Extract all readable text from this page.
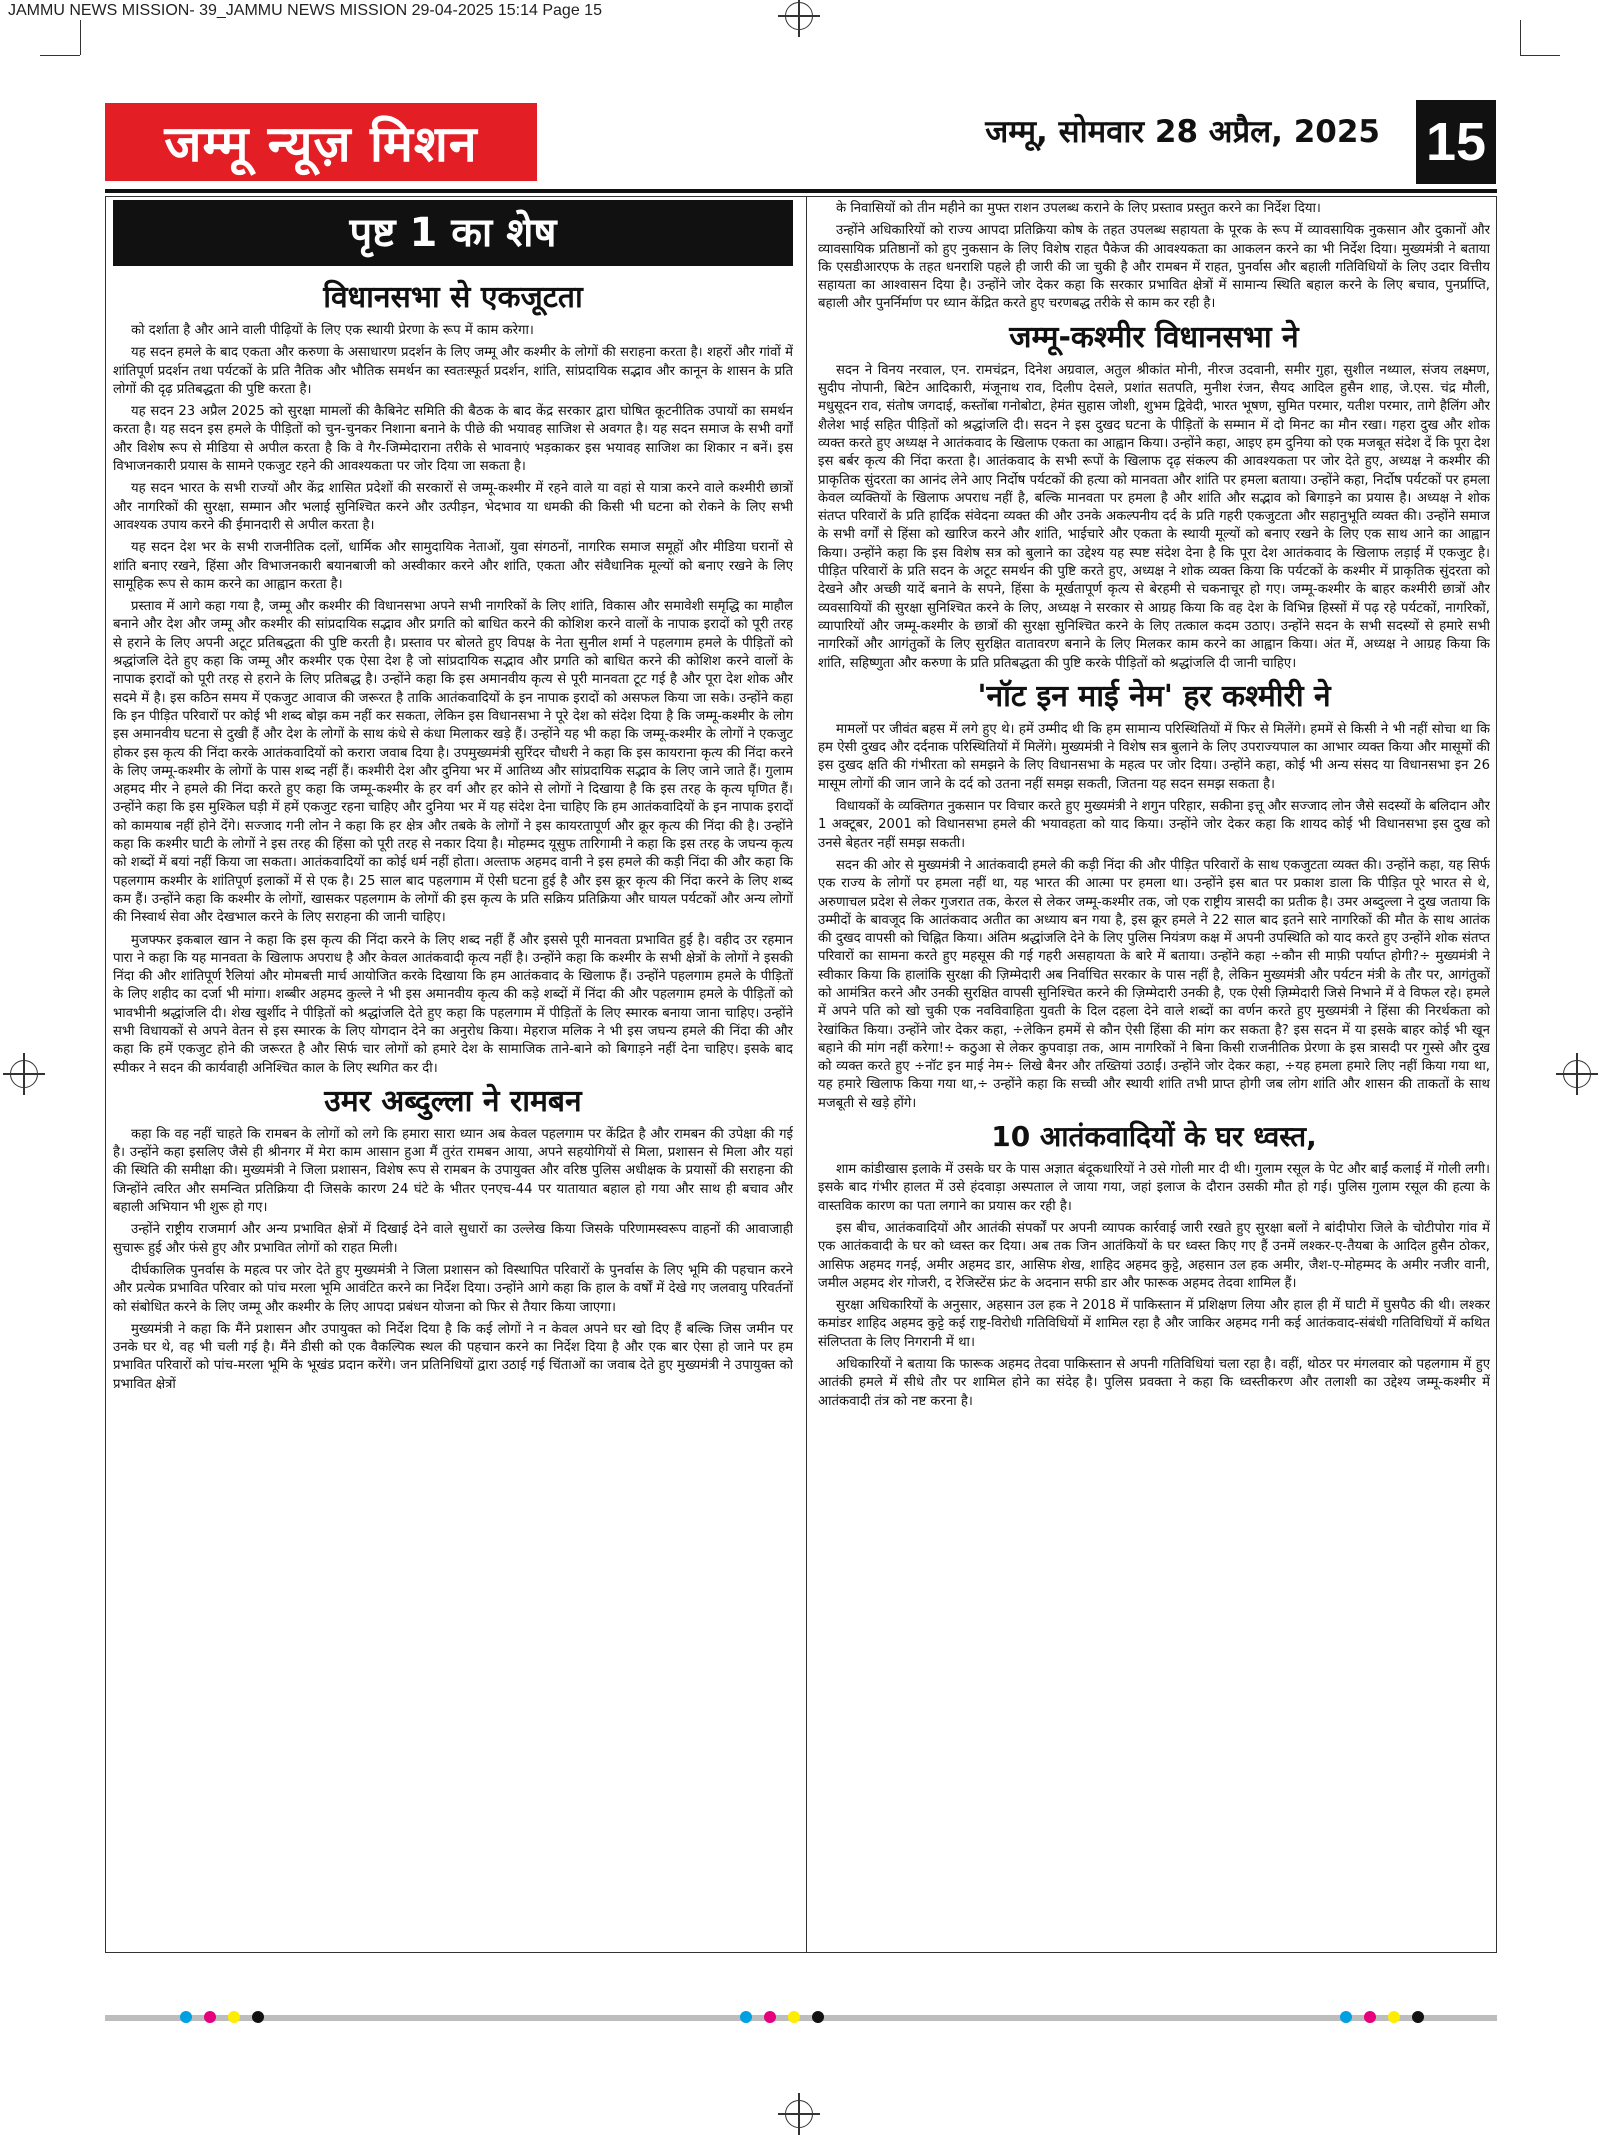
JAMMU NEWS MISSION- 39_JAMMU NEWS MISSION 29-04-2025 15:14 Page 15
जम्मू न्यूज़ मिशन	जम्मू, सोमवार 28 अप्रैल, 2025 15
पृष्ट 1 का शेष
विधानसभा से एकजूटता

को दर्शाता है और आने वाली पीढ़ियों के लिए एक स्थायी प्रेरणा के रूप में काम करेगा।

यह सदन हमले के बाद एकता और करुणा के असाधारण प्रदर्शन के लिए जम्मू और कश्मीर के लोगों की सराहना करता है। शहरों और गांवों में शांतिपूर्ण प्रदर्शन तथा पर्यटकों के प्रति नैतिक और भौतिक समर्थन का स्वतःस्फूर्त प्रदर्शन, शांति, सांप्रदायिक सद्भाव और कानून के शासन के प्रति लोगों की दृढ़ प्रतिबद्धता की पुष्टि करता है।

यह सदन 23 अप्रैल 2025 को सुरक्षा मामलों की कैबिनेट समिति की बैठक के बाद केंद्र सरकार द्वारा घोषित कूटनीतिक उपायों का समर्थन करता है। यह सदन इस हमले के पीड़ितों को चुन-चुनकर निशाना बनाने के पीछे की भयावह साजिश से अवगत है। यह सदन समाज के सभी वर्गों और विशेष रूप से मीडिया से अपील करता है कि वे गैर-जिम्मेदाराना तरीके से भावनाएं भड़काकर इस भयावह साजिश का शिकार न बनें। इस विभाजनकारी प्रयास के सामने एकजुट रहने की आवश्यकता पर जोर दिया जा सकता है।

यह सदन भारत के सभी राज्यों और केंद्र शासित प्रदेशों की सरकारों से जम्मू-कश्मीर में रहने वाले या वहां से यात्रा करने वाले कश्मीरी छात्रों और नागरिकों की सुरक्षा, सम्मान और भलाई सुनिश्चित करने और उत्पीड़न, भेदभाव या धमकी की किसी भी घटना को रोकने के लिए सभी आवश्यक उपाय करने की ईमानदारी से अपील करता है।

यह सदन देश भर के सभी राजनीतिक दलों, धार्मिक और सामुदायिक नेताओं, युवा संगठनों, नागरिक समाज समूहों और मीडिया घरानों से शांति बनाए रखने, हिंसा और विभाजनकारी बयानबाजी को अस्वीकार करने और शांति, एकता और संवैधानिक मूल्यों को बनाए रखने के लिए सामूहिक रूप से काम करने का आह्वान करता है।

प्रस्ताव में आगे कहा गया है, जम्मू और कश्मीर की विधानसभा अपने सभी नागरिकों के लिए शांति, विकास और समावेशी समृद्धि का माहौल बनाने और देश और जम्मू और कश्मीर की सांप्रदायिक सद्भाव और प्रगति को बाधित करने की कोशिश करने वालों के नापाक इरादों को पूरी तरह से हराने के लिए अपनी अटूट प्रतिबद्धता की पुष्टि करती है। प्रस्ताव पर बोलते हुए विपक्ष के नेता सुनील शर्मा ने पहलगाम हमले के पीड़ितों को श्रद्धांजलि देते हुए कहा कि जम्मू और कश्मीर एक ऐसा देश है जो सांप्रदायिक सद्भाव और प्रगति को बाधित करने की कोशिश करने वालों के नापाक इरादों को पूरी तरह से हराने के लिए प्रतिबद्ध है। उन्होंने कहा कि इस अमानवीय कृत्य से पूरी मानवता टूट गई है और पूरा देश शोक और सदमे में है। इस कठिन समय में एकजुट आवाज की जरूरत है ताकि आतंकवादियों के इन नापाक इरादों को असफल किया जा सके। उन्होंने कहा कि इन पीड़ित परिवारों पर कोई भी शब्द बोझ कम नहीं कर सकता, लेकिन इस विधानसभा ने पूरे देश को संदेश दिया है कि जम्मू-कश्मीर के लोग इस अमानवीय घटना से दुखी हैं और देश के लोगों के साथ कंधे से कंधा मिलाकर खड़े हैं। उन्होंने यह भी कहा कि जम्मू-कश्मीर के लोगों ने एकजुट होकर इस कृत्य की निंदा करके आतंकवादियों को करारा जवाब दिया है। उपमुख्यमंत्री सुरिंदर चौधरी ने कहा कि इस कायराना कृत्य की निंदा करने के लिए जम्मू-कश्मीर के लोगों के पास शब्द नहीं हैं। कश्मीरी देश और दुनिया भर में आतिथ्य और सांप्रदायिक सद्भाव के लिए जाने जाते हैं। गुलाम अहमद मीर ने हमले की निंदा करते हुए कहा कि जम्मू-कश्मीर के हर वर्ग और हर कोने से लोगों ने दिखाया है कि इस तरह के कृत्य घृणित हैं। उन्होंने कहा कि इस मुश्किल घड़ी में हमें एकजुट रहना चाहिए और दुनिया भर में यह संदेश देना चाहिए कि हम आतंकवादियों के इन नापाक इरादों को कामयाब नहीं होने देंगे। सज्जाद गनी लोन ने कहा कि हर क्षेत्र और तबके के लोगों ने इस कायरतापूर्ण और क्रूर कृत्य की निंदा की है। उन्होंने कहा कि कश्मीर घाटी के लोगों ने इस तरह की हिंसा को पूरी तरह से नकार दिया है। मोहम्मद यूसुफ तारिगामी ने कहा कि इस तरह के जघन्य कृत्य को शब्दों में बयां नहीं किया जा सकता। आतंकवादियों का कोई धर्म नहीं होता। अल्ताफ अहमद वानी ने इस हमले की कड़ी निंदा की और कहा कि पहलगाम कश्मीर के शांतिपूर्ण इलाकों में से एक है। 25 साल बाद पहलगाम में ऐसी घटना हुई है और इस क्रूर कृत्य की निंदा करने के लिए शब्द कम हैं। उन्होंने कहा कि कश्मीर के लोगों, खासकर पहलगाम के लोगों की इस कृत्य के प्रति सक्रिय प्रतिक्रिया और घायल पर्यटकों और अन्य लोगों की निस्वार्थ सेवा और देखभाल करने के लिए सराहना की जानी चाहिए।

मुजफ्फर इकबाल खान ने कहा कि इस कृत्य की निंदा करने के लिए शब्द नहीं हैं और इससे पूरी मानवता प्रभावित हुई है। वहीद उर रहमान पारा ने कहा कि यह मानवता के खिलाफ अपराध है और केवल आतंकवादी कृत्य नहीं है। उन्होंने कहा कि कश्मीर के सभी क्षेत्रों के लोगों ने इसकी निंदा की और शांतिपूर्ण रैलियां और मोमबत्ती मार्च आयोजित करके दिखाया कि हम आतंकवाद के खिलाफ हैं। उन्होंने पहलगाम हमले के पीड़ितों के लिए शहीद का दर्जा भी मांगा। शब्बीर अहमद कुल्ले ने भी इस अमानवीय कृत्य की कड़े शब्दों में निंदा की और पहलगाम हमले के पीड़ितों को भावभीनी श्रद्धांजलि दी। शेख खुर्शीद ने पीड़ितों को श्रद्धांजलि देते हुए कहा कि पहलगाम में पीड़ितों के लिए स्मारक बनाया जाना चाहिए। उन्होंने सभी विधायकों से अपने वेतन से इस स्मारक के लिए योगदान देने का अनुरोध किया। मेहराज मलिक ने भी इस जघन्य हमले की निंदा की और कहा कि हमें एकजुट होने की जरूरत है और सिर्फ चार लोगों को हमारे देश के सामाजिक ताने-बाने को बिगाड़ने नहीं देना चाहिए। इसके बाद स्पीकर ने सदन की कार्यवाही अनिश्चित काल के लिए स्थगित कर दी।

उमर अब्दुल्ला ने रामबन

कहा कि वह नहीं चाहते कि रामबन के लोगों को लगे कि हमारा सारा ध्यान अब केवल पहलगाम पर केंद्रित है और रामबन की उपेक्षा की गई है। उन्होंने कहा इसलिए जैसे ही श्रीनगर में मेरा काम आसान हुआ मैं तुरंत रामबन आया, अपने सहयोगियों से मिला, प्रशासन से मिला और यहां की स्थिति की समीक्षा की। मुख्यमंत्री ने जिला प्रशासन, विशेष रूप से रामबन के उपायुक्त और वरिष्ठ पुलिस अधीक्षक के प्रयासों की सराहना की जिन्होंने त्वरित और समन्वित प्रतिक्रिया दी जिसके कारण 24 घंटे के भीतर एनएच-44 पर यातायात बहाल हो गया और साथ ही बचाव और बहाली अभियान भी शुरू हो गए।

उन्होंने राष्ट्रीय राजमार्ग और अन्य प्रभावित क्षेत्रों में दिखाई देने वाले सुधारों का उल्लेख किया जिसके परिणामस्वरूप वाहनों की आवाजाही सुचारू हुई और फंसे हुए और प्रभावित लोगों को राहत मिली।

दीर्घकालिक पुनर्वास के महत्व पर जोर देते हुए मुख्यमंत्री ने जिला प्रशासन को विस्थापित परिवारों के पुनर्वास के लिए भूमि की पहचान करने और प्रत्येक प्रभावित परिवार को पांच मरला भूमि आवंटित करने का निर्देश दिया। उन्होंने आगे कहा कि हाल के वर्षों में देखे गए जलवायु परिवर्तनों को संबोधित करने के लिए जम्मू और कश्मीर के लिए आपदा प्रबंधन योजना को फिर से तैयार किया जाएगा।

मुख्यमंत्री ने कहा कि मैंने प्रशासन और उपायुक्त को निर्देश दिया है कि कई लोगों ने न केवल अपने घर खो दिए हैं बल्कि जिस जमीन पर उनके घर थे, वह भी चली गई है। मैंने डीसी को एक वैकल्पिक स्थल की पहचान करने का निर्देश दिया है और एक बार ऐसा हो जाने पर हम प्रभावित परिवारों को पांच-मरला भूमि के भूखंड प्रदान करेंगे। जन प्रतिनिधियों द्वारा उठाई गई चिंताओं का जवाब देते हुए मुख्यमंत्री ने उपायुक्त को प्रभावित क्षेत्रों

के निवासियों को तीन महीने का मुफ्त राशन उपलब्ध कराने के लिए प्रस्ताव प्रस्तुत करने का निर्देश दिया।

उन्होंने अधिकारियों को राज्य आपदा प्रतिक्रिया कोष के तहत उपलब्ध सहायता के पूरक के रूप में व्यावसायिक नुकसान और दुकानों और व्यावसायिक प्रतिष्ठानों को हुए नुकसान के लिए विशेष राहत पैकेज की आवश्यकता का आकलन करने का भी निर्देश दिया। मुख्यमंत्री ने बताया कि एसडीआरएफ के तहत धनराशि पहले ही जारी की जा चुकी है और रामबन में राहत, पुनर्वास और बहाली गतिविधियों के लिए उदार वित्तीय सहायता का आश्वासन दिया है। उन्होंने जोर देकर कहा कि सरकार प्रभावित क्षेत्रों में सामान्य स्थिति बहाल करने के लिए बचाव, पुनर्प्राप्ति, बहाली और पुनर्निर्माण पर ध्यान केंद्रित करते हुए चरणबद्ध तरीके से काम कर रही है।

जम्मू-कश्मीर विधानसभा ने

सदन ने विनय नरवाल, एन. रामचंद्रन, दिनेश अग्रवाल, अतुल श्रीकांत मोनी, नीरज उदवानी, समीर गुहा, सुशील नथ्याल, संजय लक्ष्मण, सुदीप नोपानी, बिटेन आदिकारी, मंजूनाथ राव, दिलीप देसले, प्रशांत सतपति, मुनीश रंजन, सैयद आदिल हुसैन शाह, जे.एस. चंद्र मौली, मधुसूदन राव, संतोष जगदाई, कस्तोंबा गनोबोटा, हेमंत सुहास जोशी, शुभम द्विवेदी, भारत भूषण, सुमित परमार, यतीश परमार, तागे हैलिंग और शैलेश भाई सहित पीड़ितों को श्रद्धांजलि दी। सदन ने इस दुखद घटना के पीड़ितों के सम्मान में दो मिनट का मौन रखा। गहरा दुख और शोक व्यक्त करते हुए अध्यक्ष ने आतंकवाद के खिलाफ एकता का आह्वान किया। उन्होंने कहा, आइए हम दुनिया को एक मजबूत संदेश दें कि पूरा देश इस बर्बर कृत्य की निंदा करता है। आतंकवाद के सभी रूपों के खिलाफ दृढ़ संकल्प की आवश्यकता पर जोर देते हुए, अध्यक्ष ने कश्मीर की प्राकृतिक सुंदरता का आनंद लेने आए निर्दोष पर्यटकों की हत्या को मानवता और शांति पर हमला बताया। उन्होंने कहा, निर्दोष पर्यटकों पर हमला केवल व्यक्तियों के खिलाफ अपराध नहीं है, बल्कि मानवता पर हमला है और शांति और सद्भाव को बिगाड़ने का प्रयास है। अध्यक्ष ने शोक संतप्त परिवारों के प्रति हार्दिक संवेदना व्यक्त की और उनके अकल्पनीय दर्द के प्रति गहरी एकजुटता और सहानुभूति व्यक्त की। उन्होंने समाज के सभी वर्गों से हिंसा को खारिज करने और शांति, भाईचारे और एकता के स्थायी मूल्यों को बनाए रखने के लिए एक साथ आने का आह्वान किया। उन्होंने कहा कि इस विशेष सत्र को बुलाने का उद्देश्य यह स्पष्ट संदेश देना है कि पूरा देश आतंकवाद के खिलाफ लड़ाई में एकजुट है। पीड़ित परिवारों के प्रति सदन के अटूट समर्थन की पुष्टि करते हुए, अध्यक्ष ने शोक व्यक्त किया कि पर्यटकों के कश्मीर में प्राकृतिक सुंदरता को देखने और अच्छी यादें बनाने के सपने, हिंसा के मूर्खतापूर्ण कृत्य से बेरहमी से चकनाचूर हो गए। जम्मू-कश्मीर के बाहर कश्मीरी छात्रों और व्यवसायियों की सुरक्षा सुनिश्चित करने के लिए, अध्यक्ष ने सरकार से आग्रह किया कि वह देश के विभिन्न हिस्सों में पढ़ रहे पर्यटकों, नागरिकों, व्यापारियों और जम्मू-कश्मीर के छात्रों की सुरक्षा सुनिश्चित करने के लिए तत्काल कदम उठाए। उन्होंने सदन के सभी सदस्यों से हमारे सभी नागरिकों और आगंतुकों के लिए सुरक्षित वातावरण बनाने के लिए मिलकर काम करने का आह्वान किया। अंत में, अध्यक्ष ने आग्रह किया कि शांति, सहिष्णुता और करुणा के प्रति प्रतिबद्धता की पुष्टि करके पीड़ितों को श्रद्धांजलि दी जानी चाहिए।

'नॉट इन माई नेम' हर कश्मीरी ने

मामलों पर जीवंत बहस में लगे हुए थे। हमें उम्मीद थी कि हम सामान्य परिस्थितियों में फिर से मिलेंगे। हममें से किसी ने भी नहीं सोचा था कि हम ऐसी दुखद और दर्दनाक परिस्थितियों में मिलेंगे। मुख्यमंत्री ने विशेष सत्र बुलाने के लिए उपराज्यपाल का आभार व्यक्त किया और मासूमों की इस दुखद क्षति की गंभीरता को समझने के लिए विधानसभा के महत्व पर जोर दिया। उन्होंने कहा, कोई भी अन्य संसद या विधानसभा इन 26 मासूम लोगों की जान जाने के दर्द को उतना नहीं समझ सकती, जितना यह सदन समझ सकता है।

विधायकों के व्यक्तिगत नुकसान पर विचार करते हुए मुख्यमंत्री ने शगुन परिहार, सकीना इत्तू और सज्जाद लोन जैसे सदस्यों के बलिदान और 1 अक्टूबर, 2001 को विधानसभा हमले की भयावहता को याद किया। उन्होंने जोर देकर कहा कि शायद कोई भी विधानसभा इस दुख को उनसे बेहतर नहीं समझ सकती।

सदन की ओर से मुख्यमंत्री ने आतंकवादी हमले की कड़ी निंदा की और पीड़ित परिवारों के साथ एकजुटता व्यक्त की। उन्होंने कहा, यह सिर्फ एक राज्य के लोगों पर हमला नहीं था, यह भारत की आत्मा पर हमला था। उन्होंने इस बात पर प्रकाश डाला कि पीड़ित पूरे भारत से थे, अरुणाचल प्रदेश से लेकर गुजरात तक, केरल से लेकर जम्मू-कश्मीर तक, जो एक राष्ट्रीय त्रासदी का प्रतीक है। उमर अब्दुल्ला ने दुख जताया कि उम्मीदों के बावजूद कि आतंकवाद अतीत का अध्याय बन गया है, इस क्रूर हमले ने 22 साल बाद इतने सारे नागरिकों की मौत के साथ आतंक की दुखद वापसी को चिह्नित किया। अंतिम श्रद्धांजलि देने के लिए पुलिस नियंत्रण कक्ष में अपनी उपस्थिति को याद करते हुए उन्होंने शोक संतप्त परिवारों का सामना करते हुए महसूस की गई गहरी असहायता के बारे में बताया। उन्होंने कहा ÷कौन सी माफ़ी पर्याप्त होगी?÷ मुख्यमंत्री ने स्वीकार किया कि हालांकि सुरक्षा की ज़िम्मेदारी अब निर्वाचित सरकार के पास नहीं है, लेकिन मुख्यमंत्री और पर्यटन मंत्री के तौर पर, आगंतुकों को आमंत्रित करने और उनकी सुरक्षित वापसी सुनिश्चित करने की ज़िम्मेदारी उनकी है, एक ऐसी ज़िम्मेदारी जिसे निभाने में वे विफल रहे। हमले में अपने पति को खो चुकी एक नवविवाहिता युवती के दिल दहला देने वाले शब्दों का वर्णन करते हुए मुख्यमंत्री ने हिंसा की निरर्थकता को रेखांकित किया। उन्होंने जोर देकर कहा, ÷लेकिन हममें से कौन ऐसी हिंसा की मांग कर सकता है? इस सदन में या इसके बाहर कोई भी खून बहाने की मांग नहीं करेगा!÷ कठुआ से लेकर कुपवाड़ा तक, आम नागरिकों ने बिना किसी राजनीतिक प्रेरणा के इस त्रासदी पर गुस्से और दुख को व्यक्त करते हुए ÷नॉट इन माई नेम÷ लिखे बैनर और तख्तियां उठाईं। उन्होंने जोर देकर कहा, ÷यह हमला हमारे लिए नहीं किया गया था, यह हमारे खिलाफ किया गया था,÷ उन्होंने कहा कि सच्ची और स्थायी शांति तभी प्राप्त होगी जब लोग शांति और शासन की ताकतों के साथ मजबूती से खड़े होंगे।

10 आतंकवादियों के घर ध्वस्त,

शाम कांडीखास इलाके में उसके घर के पास अज्ञात बंदूकधारियों ने उसे गोली मार दी थी। गुलाम रसूल के पेट और बाईं कलाई में गोली लगी। इसके बाद गंभीर हालत में उसे हंदवाड़ा अस्पताल ले जाया गया, जहां इलाज के दौरान उसकी मौत हो गई। पुलिस गुलाम रसूल की हत्या के वास्तविक कारण का पता लगाने का प्रयास कर रही है।

इस बीच, आतंकवादियों और आतंकी संपर्कों पर अपनी व्यापक कार्रवाई जारी रखते हुए सुरक्षा बलों ने बांदीपोरा जिले के चोटीपोरा गांव में एक आतंकवादी के घर को ध्वस्त कर दिया। अब तक जिन आतंकियों के घर ध्वस्त किए गए हैं उनमें लश्कर-ए-तैयबा के आदिल हुसैन ठोकर, आसिफ अहमद गनई, अमीर अहमद डार, आसिफ शेख, शाहिद अहमद कुट्टे, अहसान उल हक अमीर, जैश-ए-मोहम्मद के अमीर नजीर वानी, जमील अहमद शेर गोजरी, द रेजिस्टेंस फ्रंट के अदनान सफी डार और फारूक अहमद तेदवा शामिल हैं।

सुरक्षा अधिकारियों के अनुसार, अहसान उल हक ने 2018 में पाकिस्तान में प्रशिक्षण लिया और हाल ही में घाटी में घुसपैठ की थी। लश्कर कमांडर शाहिद अहमद कुट्टे कई राष्ट्र-विरोधी गतिविधियों में शामिल रहा है और जाकिर अहमद गनी कई आतंकवाद-संबंधी गतिविधियों में कथित संलिप्तता के लिए निगरानी में था।

अधिकारियों ने बताया कि फारूक अहमद तेदवा पाकिस्तान से अपनी गतिविधियां चला रहा है। वहीं, थोठर पर मंगलवार को पहलगाम में हुए आतंकी हमले में सीधे तौर पर शामिल होने का संदेह है। पुलिस प्रवक्ता ने कहा कि ध्वस्तीकरण और तलाशी का उद्देश्य जम्मू-कश्मीर में आतंकवादी तंत्र को नष्ट करना है।
